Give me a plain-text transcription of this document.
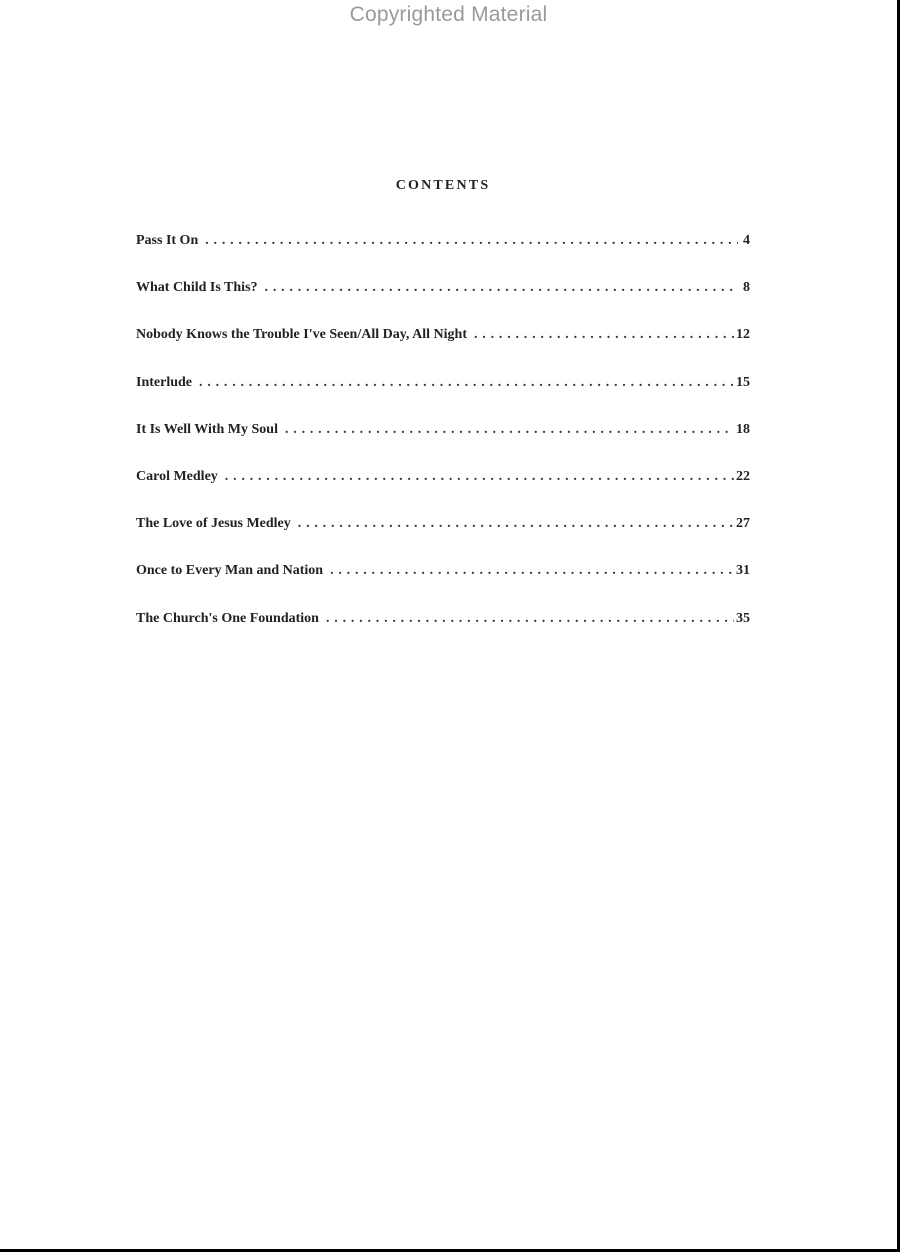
Copyrighted Material
CONTENTS
Pass It On . . .	4
What Child Is This? . . .	8
Nobody Knows the Trouble I've Seen/All Day, All Night . . .	12
Interlude . . .	15
It Is Well With My Soul . . .	18
Carol Medley . . .	22
The Love of Jesus Medley . . .	27
Once to Every Man and Nation . . .	31
The Church's One Foundation . . .	35
